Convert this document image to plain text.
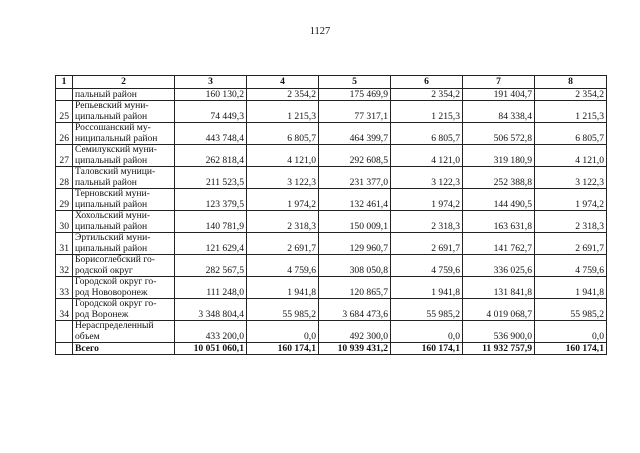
1127
1	2	3	4	5	6	7	8

	пальный район	160 130,2	2 354,2	175 469,9	2 354,2	191 404,7	2 354,2
25	Репьевский муни-
ципальный район	74 449,3	1 215,3	77 317,1	1 215,3	84 338,4	1 215,3
26	Россошанский му-
ниципальный район	443 748,4	6 805,7	464 399,7	6 805,7	506 572,8	6 805,7
27	Семилукский муни-
ципальный район	262 818,4	4 121,0	292 608,5	4 121,0	319 180,9	4 121,0
28	Таловский муници-
пальный район	211 523,5	3 122,3	231 377,0	3 122,3	252 388,8	3 122,3
29	Терновский муни-
ципальный район	123 379,5	1 974,2	132 461,4	1 974,2	144 490,5	1 974,2
30	Хохольский муни-
ципальный район	140 781,9	2 318,3	150 009,1	2 318,3	163 631,8	2 318,3
31	Эртильский муни-
ципальный район	121 629,4	2 691,7	129 960,7	2 691,7	141 762,7	2 691,7
32	Борисоглебский го-
родской округ	282 567,5	4 759,6	308 050,8	4 759,6	336 025,6	4 759,6
33	Городской округ го-
род Нововоронеж	111 248,0	1 941,8	120 865,7	1 941,8	131 841,8	1 941,8
34	Городской округ го-
род Воронеж	3 348 804,4	55 985,2	3 684 473,6	55 985,2	4 019 068,7	55 985,2

	Нераспределенный
объем	433 200,0	0,0	492 300,0	0,0	536 900,0	0,0
	Всего	10 051 060,1	160 174,1	10 939 431,2	160 174,1	11 932 757,9	160 174,1
